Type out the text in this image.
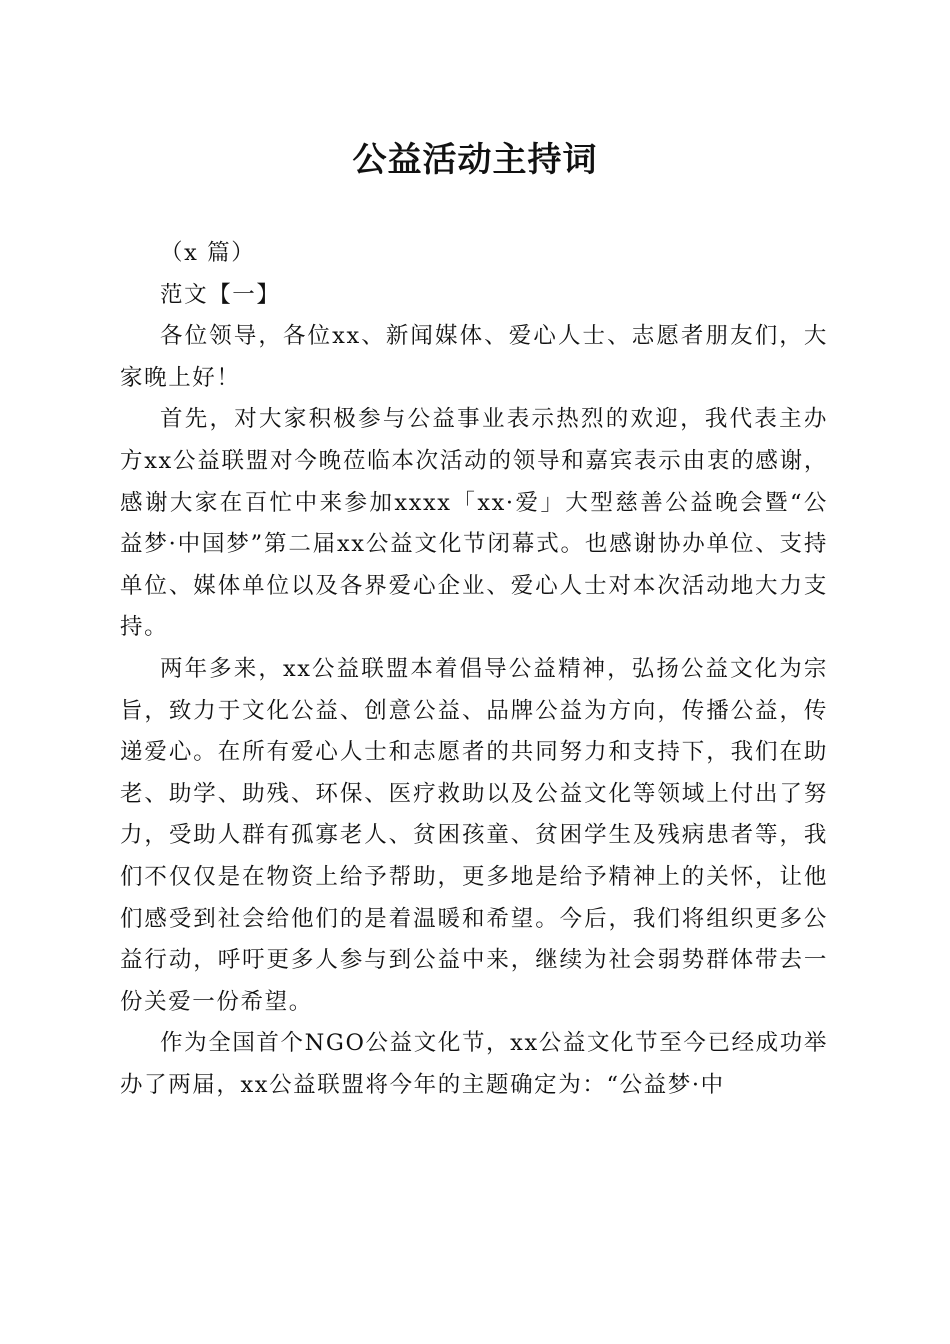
公益活动主持词

（x 篇）

范文【一】

各位领导，各位xx、新闻媒体、爱心人士、志愿者朋友们，大家晚上好！

首先，对大家积极参与公益事业表示热烈的欢迎，我代表主办方xx公益联盟对今晚莅临本次活动的领导和嘉宾表示由衷的感谢，感谢大家在百忙中来参加xxxx「xx·爱」大型慈善公益晚会暨“公益梦·中国梦”第二届xx公益文化节闭幕式。也感谢协办单位、支持单位、媒体单位以及各界爱心企业、爱心人士对本次活动地大力支持。

两年多来，xx公益联盟本着倡导公益精神，弘扬公益文化为宗旨，致力于文化公益、创意公益、品牌公益为方向，传播公益，传递爱心。在所有爱心人士和志愿者的共同努力和支持下，我们在助老、助学、助残、环保、医疗救助以及公益文化等领域上付出了努力，受助人群有孤寡老人、贫困孩童、贫困学生及残病患者等，我们不仅仅是在物资上给予帮助，更多地是给予精神上的关怀，让他们感受到社会给他们的是着温暖和希望。今后，我们将组织更多公益行动，呼吁更多人参与到公益中来，继续为社会弱势群体带去一份关爱一份希望。

作为全国首个NGO公益文化节，xx公益文化节至今已经成功举办了两届，xx公益联盟将今年的主题确定为：“公益梦·中
